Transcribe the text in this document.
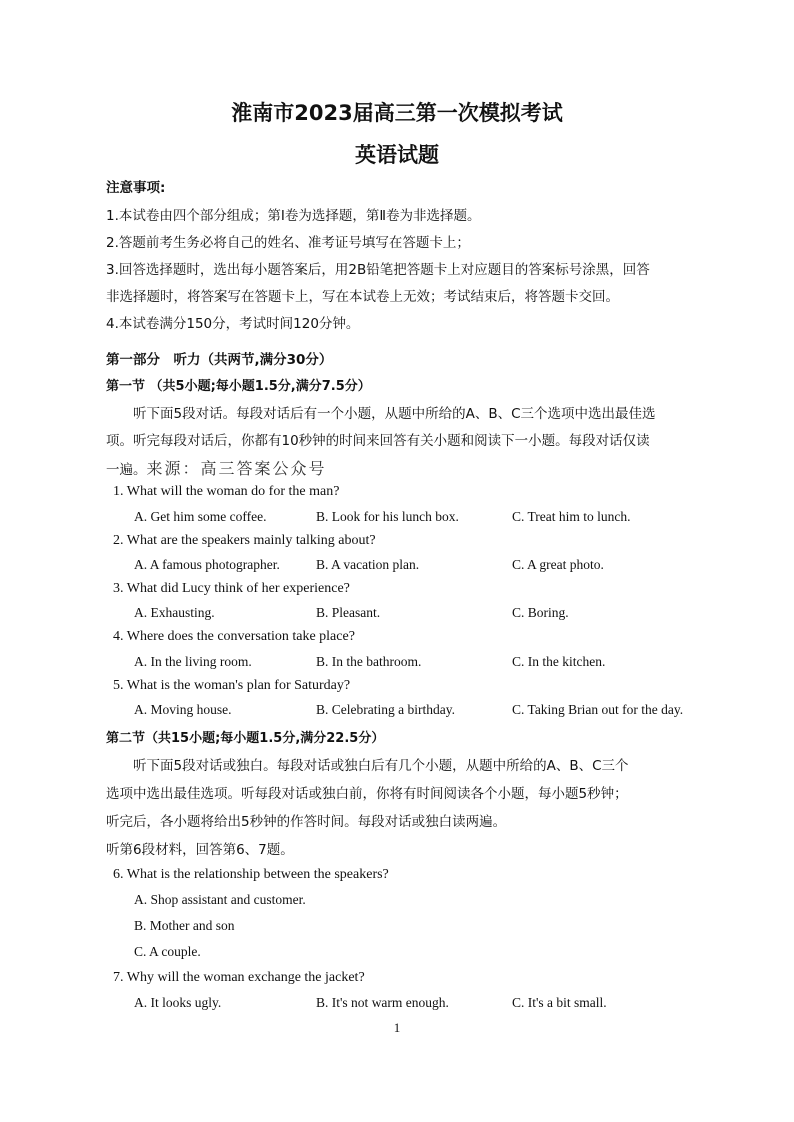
淮南市2023届高三第一次模拟考试
英语试题
注意事项:
1.本试卷由四个部分组成；第Ⅰ卷为选择题，第Ⅱ卷为非选择题。
2.答题前考生务必将自己的姓名、准考证号填写在答题卡上；
3.回答选择题时，选出每小题答案后，用2B铅笔把答题卡上对应题目的答案标号涂黑，回答
非选择题时，将答案写在答题卡上，写在本试卷上无效；考试结束后，将答题卡交回。
4.本试卷满分150分，考试时间120分钟。
第一部分　听力（共两节,满分30分）
第一节 （共5小题;每小题1.5分,满分7.5分）
听下面5段对话。每段对话后有一个小题，从题中所给的A、B、C三个选项中选出最佳选
项。听完每段对话后，你都有10秒钟的时间来回答有关小题和阅读下一小题。每段对话仅读
一遍。来源：高三答案公众号
1. What will the woman do for the man?
A. Get him some coffee.	B. Look for his lunch box.	C. Treat him to lunch.
2. What are the speakers mainly talking about?
A. A famous photographer.	B. A vacation plan.	C. A great photo.
3. What did Lucy think of her experience?
A. Exhausting.	B. Pleasant.	C. Boring.
4. Where does the conversation take place?
A. In the living room.	B. In the bathroom.	C. In the kitchen.
5. What is the woman's plan for Saturday?
A. Moving house.	B. Celebrating a birthday.	C. Taking Brian out for the day.
第二节（共15小题;每小题1.5分,满分22.5分）
听下面5段对话或独白。每段对话或独白后有几个小题，从题中所给的A、B、C三个
选项中选出最佳选项。听每段对话或独白前，你将有时间阅读各个小题，每小题5秒钟；
听完后，各小题将给出5秒钟的作答时间。每段对话或独白读两遍。
听第6段材料，回答第6、7题。
6. What is the relationship between the speakers?
A. Shop assistant and customer.
B. Mother and son
C. A couple.
7. Why will the woman exchange the jacket?
A. It looks ugly.	B. It's not warm enough.	C. It's a bit small.
1
